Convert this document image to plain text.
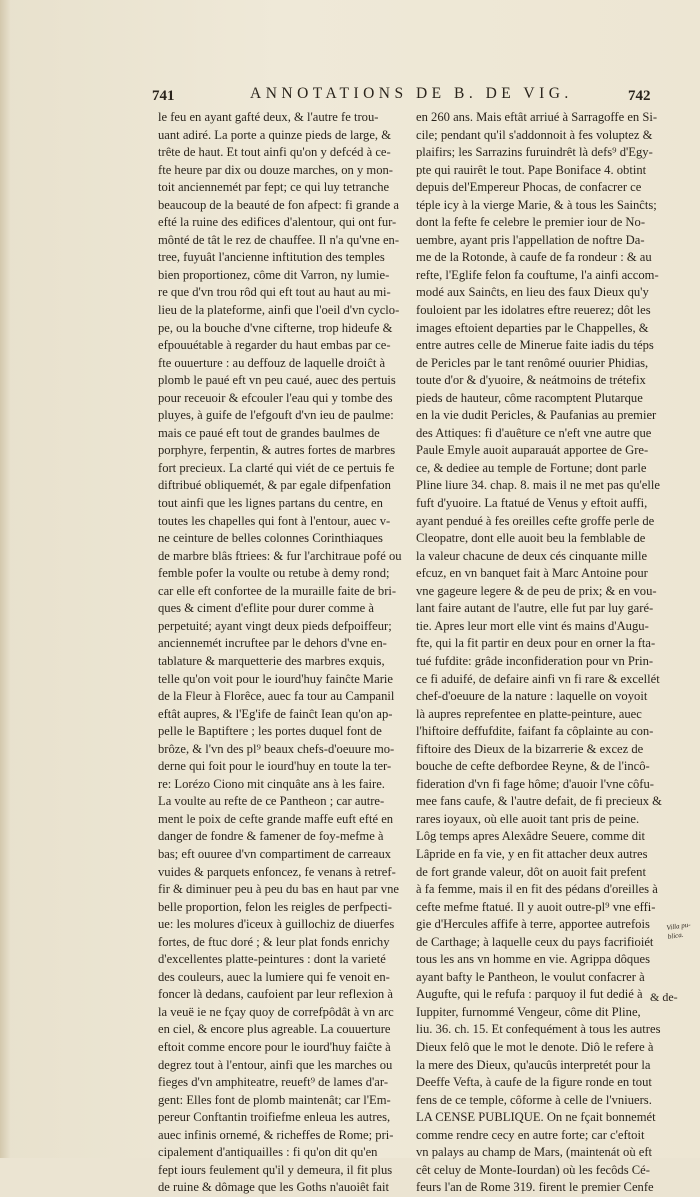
741	ANNOTATIONS DE B. DE VIG.	742
le feu en ayant gafté deux, & l'autre fe trou-
uant adiré. La porte a quinze pieds de large, &
trête de haut. Et tout ainfi qu'on y defcéd à ce-
fte heure par dix ou douze marches, on y mon-
toit anciennemét par fept; ce qui luy tetranche
beaucoup de la beauté de fon afpect: fi grande a
efté la ruine des edifices d'alentour, qui ont fur-
mônté de tât le rez de chauffee. Il n'a qu'vne en-
tree, fuyuât l'ancienne inftitution des temples
bien proportionez, côme dit Varron, ny lumie-
re que d'vn trou rôd qui eft tout au haut au mi-
lieu de la plateforme, ainfi que l'oeil d'vn cyclo-
pe, ou la bouche d'vne cifterne, trop hideufe &
efpouuétable à regarder du haut embas par ce-
fte ouuerture : au deffouz de laquelle droiĉt à
plomb le paué eft vn peu caué, auec des pertuis
pour receuoir & efcouler l'eau qui y tombe des
pluyes, à guife de l'efgouft d'vn ieu de paulme:
mais ce paué eft tout de grandes baulmes de
porphyre, ferpentin, & autres fortes de marbres
fort precieux. La clarté qui viét de ce pertuis fe
diftribué obliquemét, & par egale difpenfation
tout ainfi que les lignes partans du centre, en
toutes les chapelles qui font à l'entour, auec v-
ne ceinture de belles colonnes Corinthiaques
de marbre blâs ftriees: & fur l'architraue pofé ou
femble pofer la voulte ou retube à demy rond;
car elle eft confortee de la muraille faite de bri-
ques & ciment d'eflite pour durer comme à
perpetuité; ayant vingt deux pieds defpoiffeur;
anciennemét incruftee par le dehors d'vne en-
tablature & marquetterie des marbres exquis,
telle qu'on voit pour le iourd'huy fainĉte Marie
de la Fleur à Florêce, auec fa tour au Campanil
eftât aupres, & l'Eg'ife de fainĉt Iean qu'on ap-
pelle le Baptiftere ; les portes duquel font de
brôze, & l'vn des pl⁹ beaux chefs-d'oeuure mo-
derne qui foit pour le iourd'huy en toute la ter-
re: Lorézo Ciono mit cinquâte ans à les faire.
La voulte au refte de ce Pantheon ; car autre-
ment le poix de cefte grande maffe euft efté en
danger de fondre & famener de foy-mefme à
bas; eft ouuree d'vn compartiment de carreaux
vuides & parquets enfoncez, fe venans à retref-
fir & diminuer peu à peu du bas en haut par vne
belle proportion, felon les reigles de perfpecti-
ue: les molures d'iceux à guillochiz de diuerfes
fortes, de ftuc doré ; & leur plat fonds enrichy
d'excellentes platte-peintures : dont la varieté
des couleurs, auec la lumiere qui fe venoit en-
foncer là dedans, caufoient par leur reflexion à
la veuë ie ne fçay quoy de correfpôdât à vn arc
en ciel, & encore plus agreable. La couuerture
eftoit comme encore pour le iourd'huy faiĉte à
degrez tout à l'entour, ainfi que les marches ou
fieges d'vn amphiteatre, reueft⁹ de lames d'ar-
gent: Elles font de plomb maintenât; car l'Em-
pereur Conftantin troifiefme enleua les autres,
auec infinis ornemé, & richeffes de Rome; pri-
cipalement d'antiquailles : fi qu'on dit qu'en
fept iours feulement qu'il y demeura, il fit plus
de ruine & dômage que les Goths n'auoiêt fait
en 260 ans. Mais eftât arriué à Sarragoffe en Si-
cile; pendant qu'il s'addonnoit à fes voluptez &
plaifirs; les Sarrazins furuindrêt là defs⁹ d'Egy-
pte qui rauirêt le tout. Pape Boniface 4. obtint
depuis del'Empereur Phocas, de confacrer ce
téple icy à la vierge Marie, & à tous les Sainĉts;
dont la fefte fe celebre le premier iour de No-
uembre, ayant pris l'appellation de noftre Da-
me de la Rotonde, à caufe de fa rondeur : & au
refte, l'Eglife felon fa couftume, l'a ainfi accom-
modé aux Sainĉts, en lieu des faux Dieux qu'y
fouloient par les idolatres eftre reuerez; dôt les
images eftoient departies par le Chappelles, &
entre autres celle de Minerue faite iadis du téps
de Pericles par le tant renômé ouurier Phidias,
toute d'or & d'yuoire, & neátmoins de trétefix
pieds de hauteur, côme racomptent Plutarque
en la vie dudit Pericles, & Paufanias au premier
des Attiques: fi d'auêture ce n'eft vne autre que
Paule Emyle auoit auparauát apportee de Gre-
ce, & dediee au temple de Fortune; dont parle
Pline liure 34. chap. 8. mais il ne met pas qu'elle
fuft d'yuoire. La ftatué de Venus y eftoit auffi,
ayant pendué à fes oreilles cefte groffe perle de
Cleopatre, dont elle auoit beu la femblable de
la valeur chacune de deux cés cinquante mille
efcuz, en vn banquet fait à Marc Antoine pour
vne gageure legere & de peu de prix; & en vou-
lant faire autant de l'autre, elle fut par luy garé-
tie. Apres leur mort elle vint és mains d'Augu-
fte, qui la fit partir en deux pour en orner la fta-
tué fufdite: grâde inconfideration pour vn Prin-
ce fi aduifé, de defaire ainfi vn fi rare & excellét
chef-d'oeuure de la nature : laquelle on voyoit
là aupres reprefentee en platte-peinture, auec
l'hiftoire deffufdite, faifant fa côplainte au con-
fiftoire des Dieux de la bizarrerie & excez de
bouche de cefte defbordee Reyne, & de l'incô-
fideration d'vn fi fage hôme; d'auoir l'vne côfu-
mee fans caufe, & l'autre defait, de fi precieux &
rares ioyaux, où elle auoit tant pris de peine.
Lôg temps apres Alexâdre Seuere, comme dit
Lâpride en fa vie, y en fit attacher deux autres
de fort grande valeur, dôt on auoit fait prefent
à fa femme, mais il en fit des pédans d'oreilles à
cefte mefme ftatué. Il y auoit outre-pl⁹ vne effi-
gie d'Hercules affife à terre, apportee autrefois
de Carthage; à laquelle ceux du pays facrifioiét
tous les ans vn homme en vie. Agrippa dôques
ayant bafty le Pantheon, le voulut confacrer à
Augufte, qui le refufa : parquoy il fut dedié à
Iuppiter, furnommé Vengeur, côme dit Pline,
liu. 36. ch. 15. Et confequément à tous les autres
Dieux felô que le mot le denote. Diô le refere à
la mere des Dieux, qu'aucûs interpretét pour la
Deeffe Vefta, à caufe de la figure ronde en tout
fens de ce temple, côforme à celle de l'vniuers.
LA CENSE PUBLIQUE. On ne fçait bonnemét
comme rendre cecy en autre forte; car c'eftoit
vn palays au champ de Mars, (maintenát où eft
cêt celuy de Monte-Iourdan) où les fecôds Cé-
feurs l'an de Rome 319. firent le premier Cenfe
Villa pu-blica.
& de-
